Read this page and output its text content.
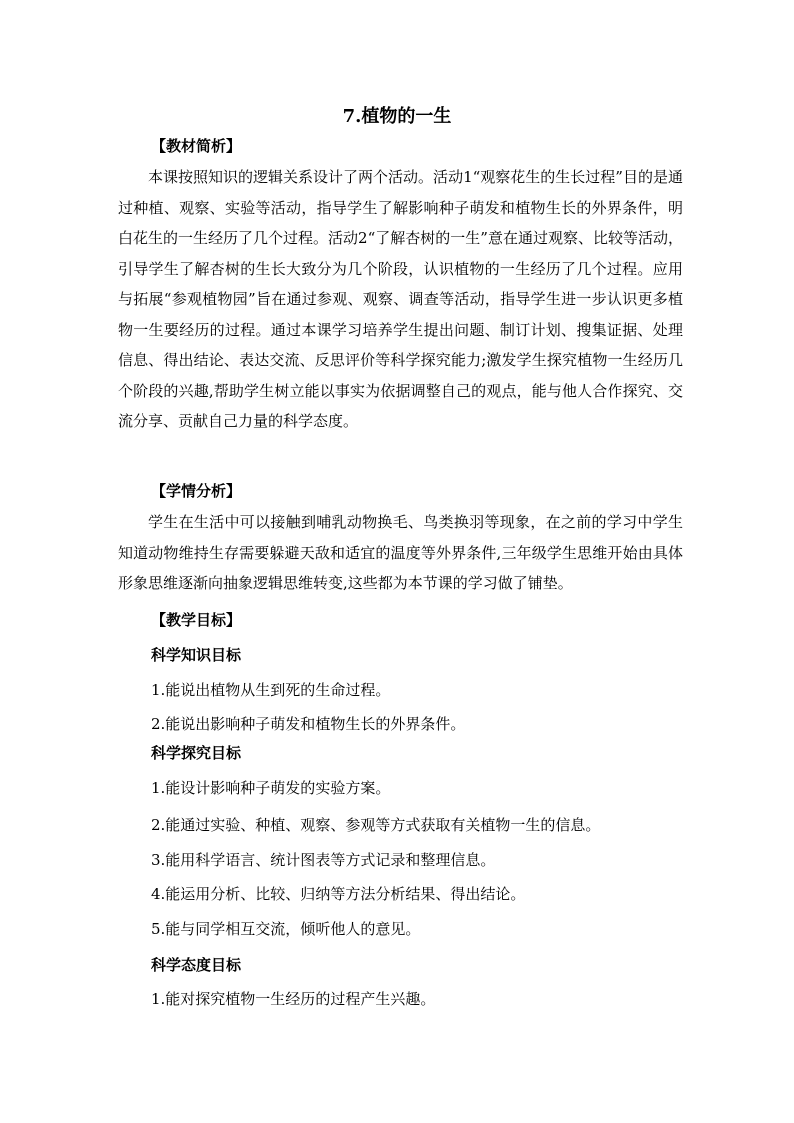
7.植物的一生
【教材简析】
本课按照知识的逻辑关系设计了两个活动。活动1“观察花生的生长过程”目的是通过种植、观察、实验等活动，指导学生了解影响种子萌发和植物生长的外界条件，明白花生的一生经历了几个过程。活动2“了解杏树的一生”意在通过观察、比较等活动，引导学生了解杏树的生长大致分为几个阶段，认识植物的一生经历了几个过程。应用与拓展“参观植物园”旨在通过参观、观察、调查等活动，指导学生进一步认识更多植物一生要经历的过程。通过本课学习培养学生提出问题、制订计划、搜集证据、处理信息、得出结论、表达交流、反思评价等科学探究能力;激发学生探究植物一生经历几个阶段的兴趣,帮助学生树立能以事实为依据调整自己的观点，能与他人合作探究、交流分享、贡献自己力量的科学态度。
【学情分析】
学生在生活中可以接触到哺乳动物换毛、鸟类换羽等现象，在之前的学习中学生知道动物维持生存需要躲避天敌和适宜的温度等外界条件,三年级学生思维开始由具体形象思维逐渐向抽象逻辑思维转变,这些都为本节课的学习做了铺垫。
【教学目标】
科学知识目标
1.能说出植物从生到死的生命过程。
2.能说出影响种子萌发和植物生长的外界条件。
科学探究目标
1.能设计影响种子萌发的实验方案。
2.能通过实验、种植、观察、参观等方式获取有关植物一生的信息。
3.能用科学语言、统计图表等方式记录和整理信息。
4.能运用分析、比较、归纳等方法分析结果、得出结论。
5.能与同学相互交流，倾听他人的意见。
科学态度目标
1.能对探究植物一生经历的过程产生兴趣。
